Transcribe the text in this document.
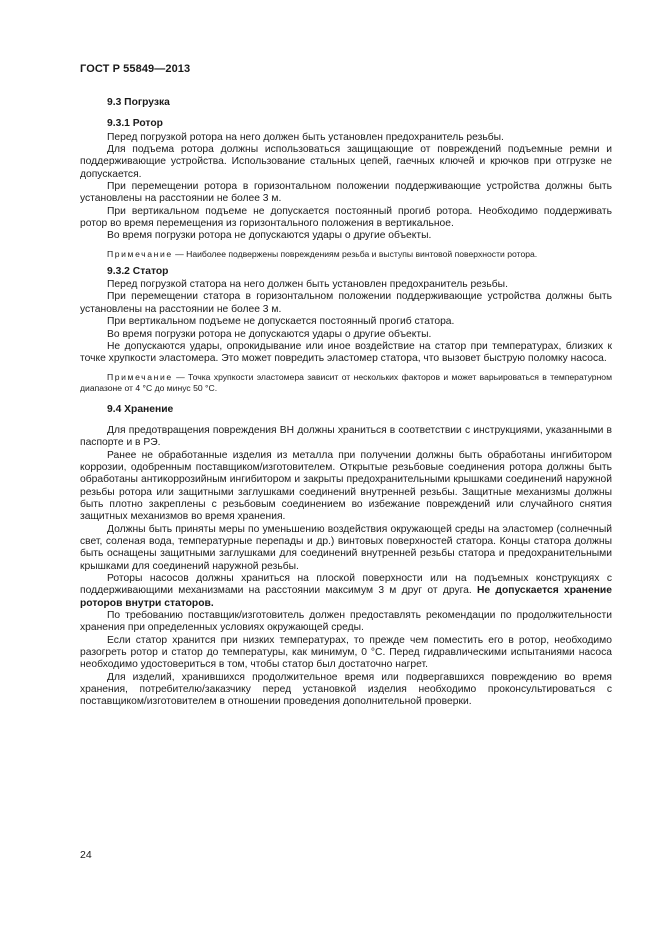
ГОСТ Р 55849—2013
9.3 Погрузка
9.3.1 Ротор

Перед погрузкой ротора на него должен быть установлен предохранитель резьбы.

Для подъема ротора должны использоваться защищающие от повреждений подъемные ремни и поддерживающие устройства. Использование стальных цепей, гаечных ключей и крючков при отгрузке не допускается.

При перемещении ротора в горизонтальном положении поддерживающие устройства должны быть установлены на расстоянии не более 3 м.

При вертикальном подъеме не допускается постоянный прогиб ротора. Необходимо поддерживать ротор во время перемещения из горизонтального положения в вертикальное.

Во время погрузки ротора не допускаются удары о другие объекты.

Примечание — Наиболее подвержены повреждениям резьба и выступы винтовой поверхности ротора.
9.3.2 Статор

Перед погрузкой статора на него должен быть установлен предохранитель резьбы.

При перемещении статора в горизонтальном положении поддерживающие устройства должны быть установлены на расстоянии не более 3 м.

При вертикальном подъеме не допускается постоянный прогиб статора.

Во время погрузки ротора не допускаются удары о другие объекты.

Не допускаются удары, опрокидывание или иное воздействие на статор при температурах, близких к точке хрупкости эластомера. Это может повредить эластомер статора, что вызовет быструю поломку насоса.

Примечание — Точка хрупкости эластомера зависит от нескольких факторов и может варьироваться в температурном диапазоне от 4 °С до минус 50 °С.
9.4 Хранение

Для предотвращения повреждения ВН должны храниться в соответствии с инструкциями, указанными в паспорте и в РЭ.

Ранее не обработанные изделия из металла при получении должны быть обработаны ингибитором коррозии, одобренным поставщиком/изготовителем. Открытые резьбовые соединения ротора должны быть обработаны антикоррозийным ингибитором и закрыты предохранительными крышками соединений наружной резьбы ротора или защитными заглушками соединений внутренней резьбы. Защитные механизмы должны быть плотно закреплены с резьбовым соединением во избежание повреждений или случайного снятия защитных механизмов во время хранения.

Должны быть приняты меры по уменьшению воздействия окружающей среды на эластомер (солнечный свет, соленая вода, температурные перепады и др.) винтовых поверхностей статора. Концы статора должны быть оснащены защитными заглушками для соединений внутренней резьбы статора и предохранительными крышками для соединений наружной резьбы.

Роторы насосов должны храниться на плоской поверхности или на подъемных конструкциях с поддерживающими механизмами на расстоянии максимум 3 м друг от друга. Не допускается хранение роторов внутри статоров.

По требованию поставщик/изготовитель должен предоставлять рекомендации по продолжительности хранения при определенных условиях окружающей среды.

Если статор хранится при низких температурах, то прежде чем поместить его в ротор, необходимо разогреть ротор и статор до температуры, как минимум, 0 °С. Перед гидравлическими испытаниями насоса необходимо удостовериться в том, чтобы статор был достаточно нагрет.

Для изделий, хранившихся продолжительное время или подвергавшихся повреждению во время хранения, потребителю/заказчику перед установкой изделия необходимо проконсультироваться с поставщиком/изготовителем в отношении проведения дополнительной проверки.

24
